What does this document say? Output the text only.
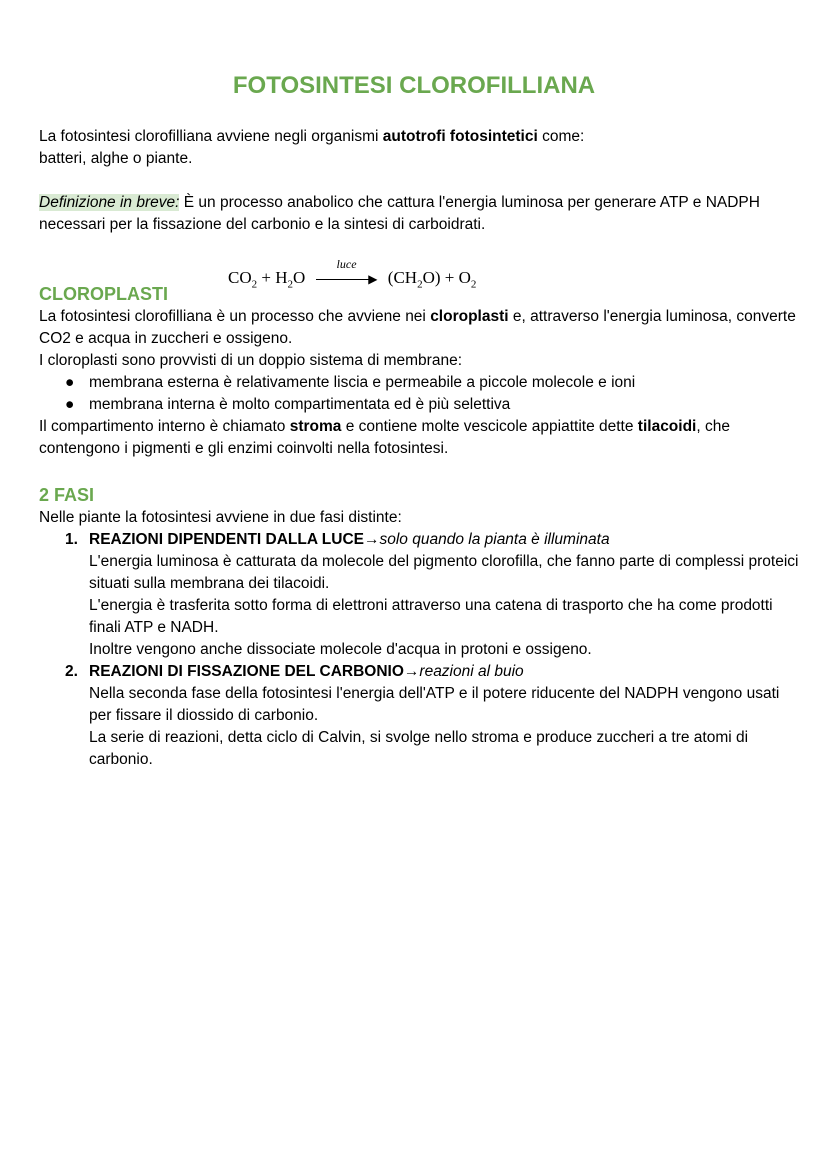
FOTOSINTESI CLOROFILLIANA

La fotosintesi clorofilliana avviene negli organismi autotrofi fotosintetici come:

batteri, alghe o piante.

Definizione in breve: È un processo anabolico che cattura l'energia luminosa per generare ATP e NADPH necessari per la fissazione del carbonio e la sintesi di carboidrati.

$CO_2 + H_2O$
luce
▶ $(CH_2O) + O_2$

CLOROPLASTI

La fotosintesi clorofilliana è un processo che avviene nei cloroplasti e, attraverso l'energia luminosa, converte CO2 e acqua in zuccheri e ossigeno.

I cloroplasti sono provvisti di un doppio sistema di membrane:

● membrana esterna è relativamente liscia e permeabile a piccole molecole e ioni
● membrana interna è molto compartimentata ed è più selettiva

Il compartimento interno è chiamato stroma e contiene molte vescicole appiattite dette tilacoidi, che contengono i pigmenti e gli enzimi coinvolti nella fotosintesi.

2 FASI

Nelle piante la fotosintesi avviene in due fasi distinte:

1. REAZIONI DIPENDENTI DALLA LUCE→solo quando la pianta è illuminata
L'energia luminosa è catturata da molecole del pigmento clorofilla, che fanno parte di complessi proteici situati sulla membrana dei tilacoidi.
L'energia è trasferita sotto forma di elettroni attraverso una catena di trasporto che ha come prodotti finali ATP e NADH.
Inoltre vengono anche dissociate molecole d'acqua in protoni e ossigeno.
2. REAZIONI DI FISSAZIONE DEL CARBONIO→reazioni al buio
Nella seconda fase della fotosintesi l'energia dell'ATP e il potere riducente del NADPH vengono usati per fissare il diossido di carbonio.
La serie di reazioni, detta ciclo di Calvin, si svolge nello stroma e produce zuccheri a tre atomi di carbonio.
